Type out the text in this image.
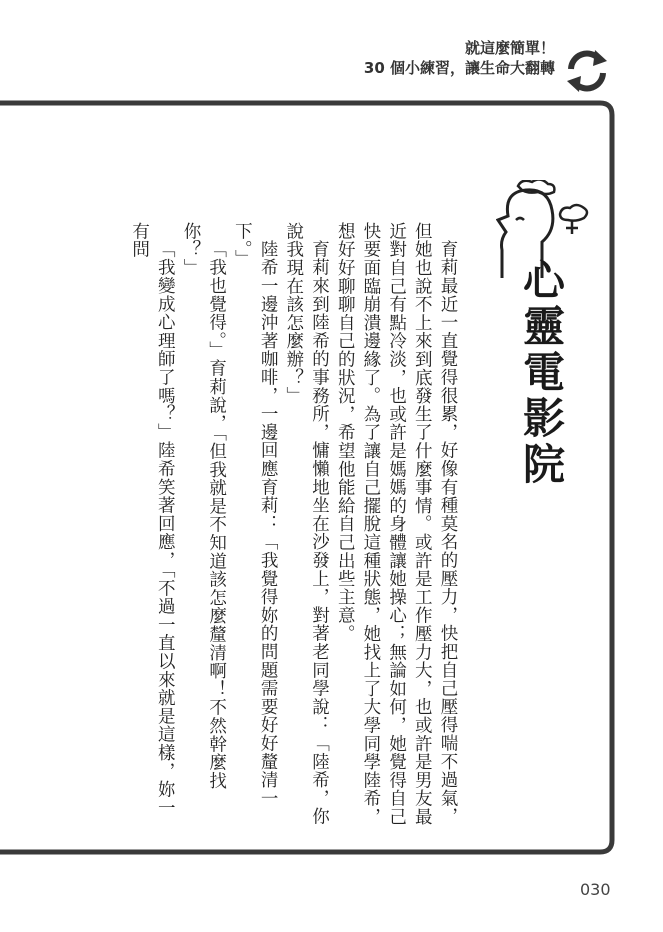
就這麼簡單！
30 個小練習，讓生命大翻轉
心靈電影院

育莉最近一直覺得很累，好像有種莫名的壓力，快把自己壓得喘不過氣，但她也說不上來到底發生了什麼事情。或許是工作壓力大，也或許是男友最近對自己有點冷淡，也或許是媽媽的身體讓她操心；無論如何，她覺得自己快要面臨崩潰邊緣了。為了讓自己擺脫這種狀態，她找上了大學同學陸希，想好好聊聊自己的狀況，希望他能給自己出些主意。

育莉來到陸希的事務所，慵懶地坐在沙發上，對著老同學說：「陸希，你說我現在該怎麼辦？」

陸希一邊沖著咖啡，一邊回應育莉：「我覺得妳的問題需要好好釐清一下。」

「我也覺得。」育莉說，「但我就是不知道該怎麼釐清啊！不然幹麼找你？」

「我變成心理師了嗎？」陸希笑著回應，「不過一直以來就是這樣，妳一有問

030
